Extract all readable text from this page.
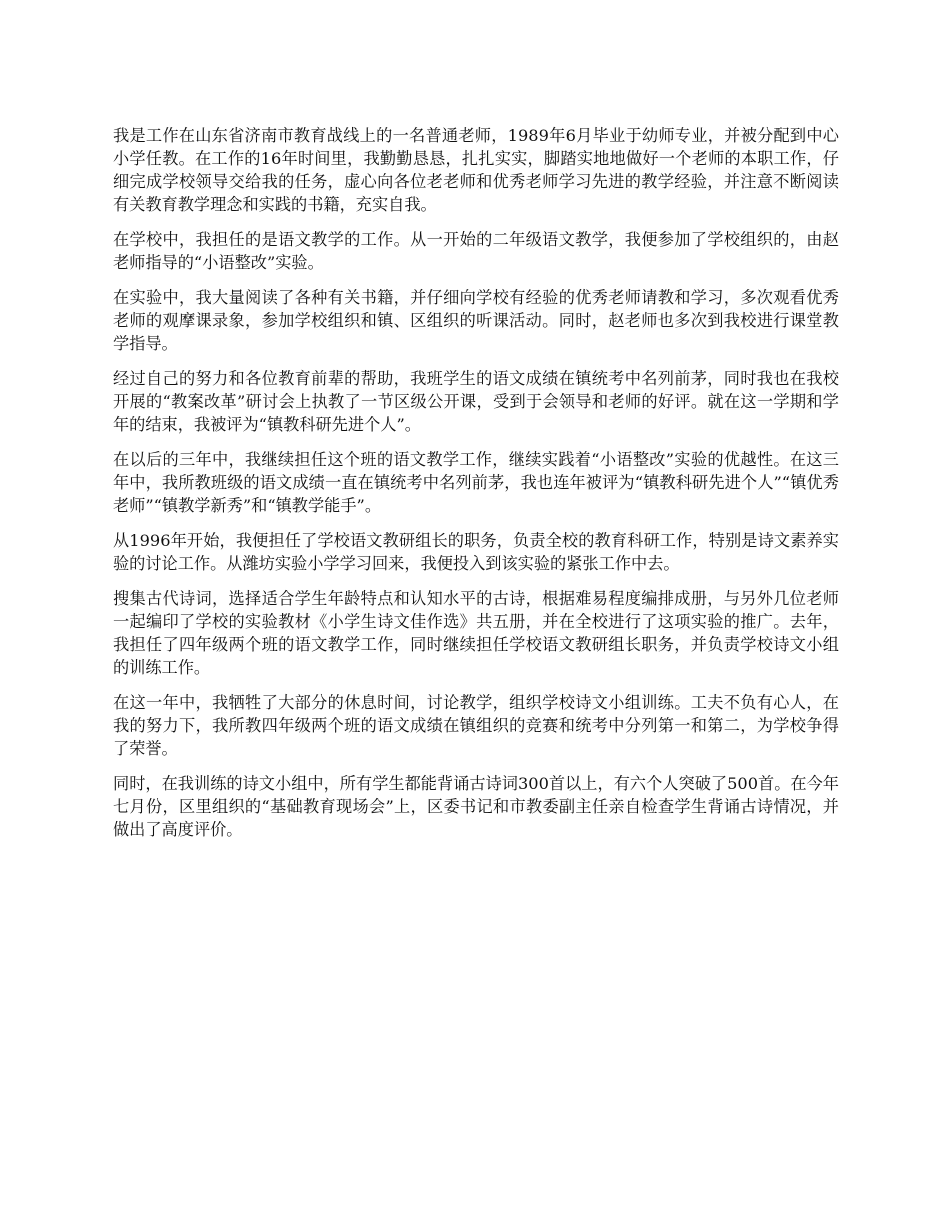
我是工作在山东省济南市教育战线上的一名普通老师，1989年6月毕业于幼师专业，并被分配到中心小学任教。在工作的16年时间里，我勤勤恳恳，扎扎实实，脚踏实地地做好一个老师的本职工作，仔细完成学校领导交给我的任务，虚心向各位老老师和优秀老师学习先进的教学经验，并注意不断阅读有关教育教学理念和实践的书籍，充实自我。

在学校中，我担任的是语文教学的工作。从一开始的二年级语文教学，我便参加了学校组织的，由赵老师指导的“小语整改”实验。

在实验中，我大量阅读了各种有关书籍，并仔细向学校有经验的优秀老师请教和学习，多次观看优秀老师的观摩课录象，参加学校组织和镇、区组织的听课活动。同时，赵老师也多次到我校进行课堂教学指导。

经过自己的努力和各位教育前辈的帮助，我班学生的语文成绩在镇统考中名列前茅，同时我也在我校开展的“教案改革”研讨会上执教了一节区级公开课，受到于会领导和老师的好评。就在这一学期和学年的结束，我被评为“镇教科研先进个人”。

在以后的三年中，我继续担任这个班的语文教学工作，继续实践着“小语整改”实验的优越性。在这三年中，我所教班级的语文成绩一直在镇统考中名列前茅，我也连年被评为“镇教科研先进个人”“镇优秀老师”“镇教学新秀”和“镇教学能手”。

从1996年开始，我便担任了学校语文教研组长的职务，负责全校的教育科研工作，特别是诗文素养实验的讨论工作。从潍坊实验小学学习回来，我便投入到该实验的紧张工作中去。

搜集古代诗词，选择适合学生年龄特点和认知水平的古诗，根据难易程度编排成册，与另外几位老师一起编印了学校的实验教材《小学生诗文佳作选》共五册，并在全校进行了这项实验的推广。去年，我担任了四年级两个班的语文教学工作，同时继续担任学校语文教研组长职务，并负责学校诗文小组的训练工作。

在这一年中，我牺牲了大部分的休息时间，讨论教学，组织学校诗文小组训练。工夫不负有心人，在我的努力下，我所教四年级两个班的语文成绩在镇组织的竞赛和统考中分列第一和第二，为学校争得了荣誉。

同时，在我训练的诗文小组中，所有学生都能背诵古诗词300首以上，有六个人突破了500首。在今年七月份，区里组织的“基础教育现场会”上，区委书记和市教委副主任亲自检查学生背诵古诗情况，并做出了高度评价。
